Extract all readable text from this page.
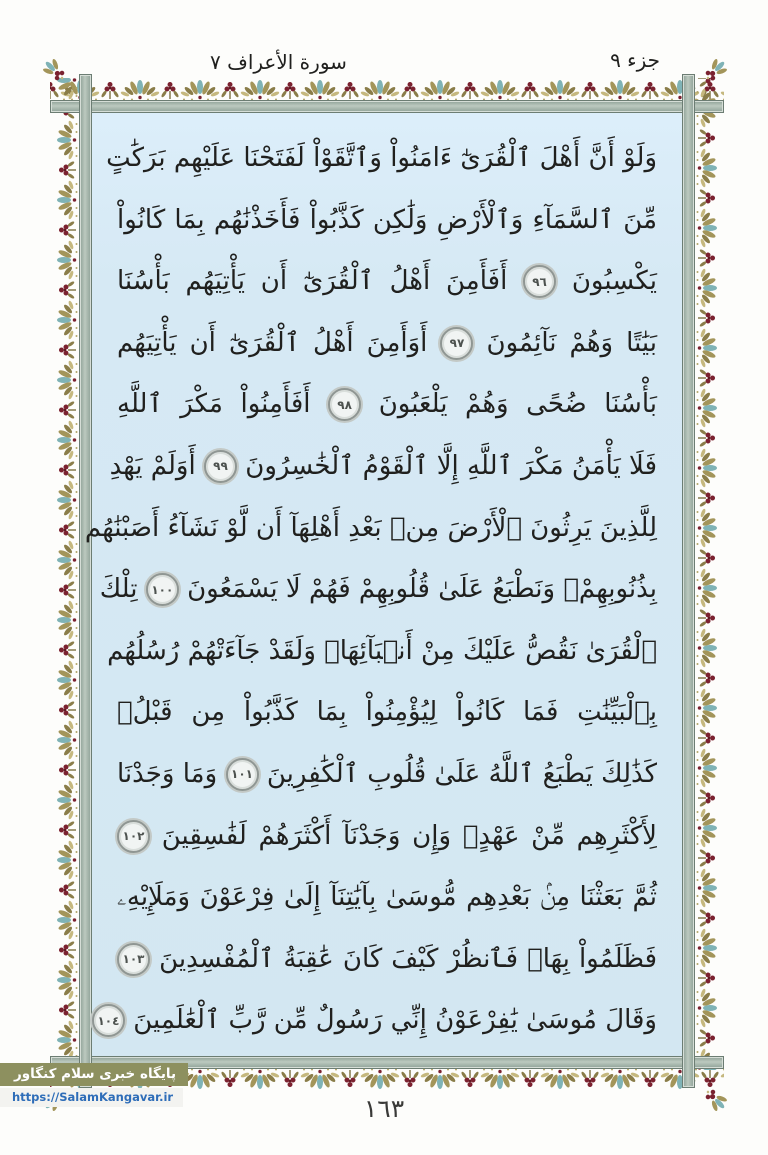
سورة الأعراف ٧	جزء ٩
وَلَوْ أَنَّ أَهْلَ ٱلْقُرَىٰٓ ءَامَنُواْ وَٱتَّقَوْاْ لَفَتَحْنَا عَلَيْهِم بَرَكَٰتٍ
مِّنَ ٱلسَّمَآءِ وَٱلْأَرْضِ وَلَٰكِن كَذَّبُواْ فَأَخَذْنَٰهُم بِمَا كَانُواْ
يَكْسِبُونَ ٩٦ أَفَأَمِنَ أَهْلُ ٱلْقُرَىٰٓ أَن يَأْتِيَهُم بَأْسُنَا
بَيَٰتًا وَهُمْ نَآئِمُونَ ٩٧ أَوَأَمِنَ أَهْلُ ٱلْقُرَىٰٓ أَن يَأْتِيَهُم
بَأْسُنَا ضُحًى وَهُمْ يَلْعَبُونَ ٩٨ أَفَأَمِنُواْ مَكْرَ ٱللَّهِ
فَلَا يَأْمَنُ مَكْرَ ٱللَّهِ إِلَّا ٱلْقَوْمُ ٱلْخَٰسِرُونَ ٩٩ أَوَلَمْ يَهْدِ
لِلَّذِينَ يَرِثُونَ ٱلْأَرْضَ مِنۢ بَعْدِ أَهْلِهَآ أَن لَّوْ نَشَآءُ أَصَبْنَٰهُم
بِذُنُوبِهِمْۚ وَنَطْبَعُ عَلَىٰ قُلُوبِهِمْ فَهُمْ لَا يَسْمَعُونَ ١٠٠ تِلْكَ
ٱلْقُرَىٰ نَقُصُّ عَلَيْكَ مِنْ أَنۢبَآئِهَاۚ وَلَقَدْ جَآءَتْهُمْ رُسُلُهُم
بِٱلْبَيِّنَٰتِ فَمَا كَانُواْ لِيُؤْمِنُواْ بِمَا كَذَّبُواْ مِن قَبْلُۚ
كَذَٰلِكَ يَطْبَعُ ٱللَّهُ عَلَىٰ قُلُوبِ ٱلْكَٰفِرِينَ ١٠١ وَمَا وَجَدْنَا
لِأَكْثَرِهِم مِّنْ عَهْدٍۖ وَإِن وَجَدْنَآ أَكْثَرَهُمْ لَفَٰسِقِينَ ١٠٢
ثُمَّ بَعَثْنَا مِنۢ بَعْدِهِم مُّوسَىٰ بِآيَٰتِنَآ إِلَىٰ فِرْعَوْنَ وَمَلَإِيْهِۦ
فَظَلَمُواْ بِهَاۖ فَٱنظُرْ كَيْفَ كَانَ عَٰقِبَةُ ٱلْمُفْسِدِينَ ١٠٣
وَقَالَ مُوسَىٰ يَٰفِرْعَوْنُ إِنِّي رَسُولٌ مِّن رَّبِّ ٱلْعَٰلَمِينَ ١٠٤
١٦٣
پایگاه خبری سلام کنگاور
https://SalamKangavar.ir
